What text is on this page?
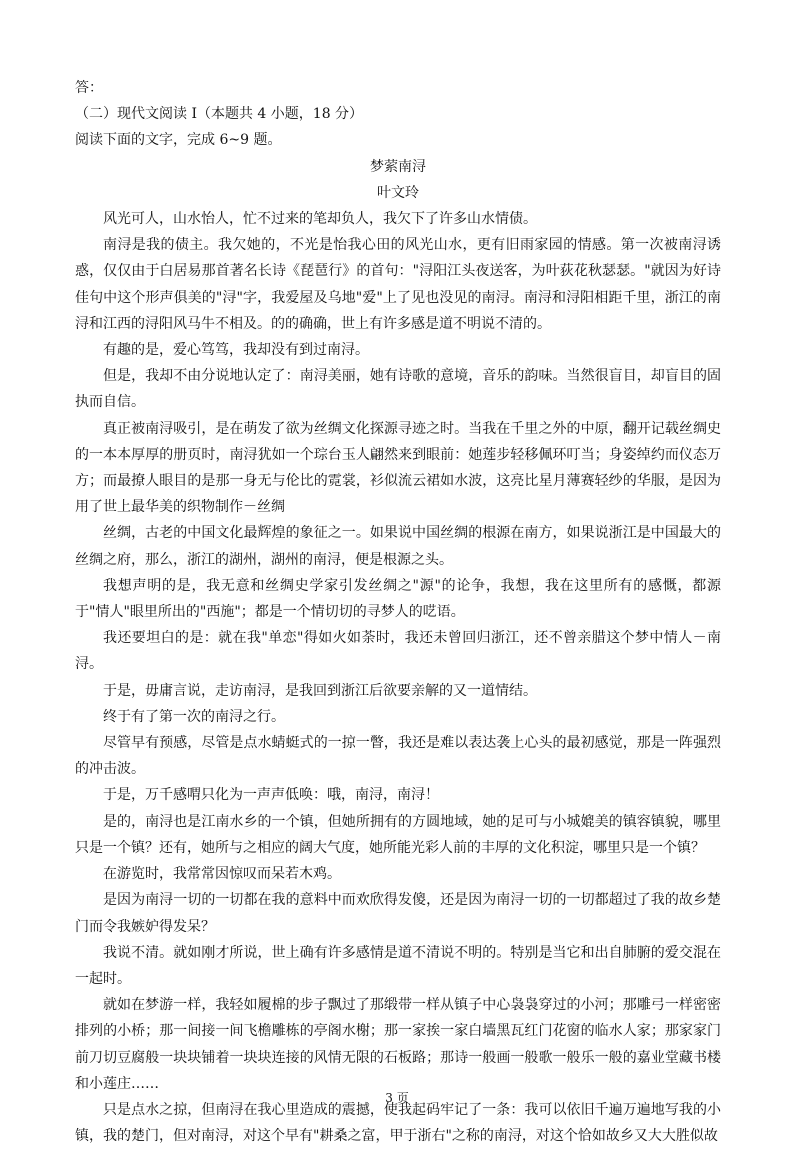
答：

（二）现代文阅读 I（本题共 4 小题，18 分）

阅读下面的文字，完成 6~9 题。

梦萦南浔

叶文玲

风光可人，山水怡人，忙不过来的笔却负人，我欠下了许多山水情债。

南浔是我的债主。我欠她的，不光是怡我心田的风光山水，更有旧雨家园的情感。第一次被南浔诱惑，仅仅由于白居易那首著名长诗《琵琶行》的首句："浔阳江头夜送客，为叶荻花秋瑟瑟。"就因为好诗佳句中这个形声俱美的"浔"字，我爱屋及乌地"爱"上了见也没见的南浔。南浔和浔阳相距千里，浙江的南浔和江西的浔阳风马牛不相及。的的确确，世上有许多感是道不明说不清的。

有趣的是，爱心笃笃，我却没有到过南浔。

但是，我却不由分说地认定了：南浔美丽，她有诗歌的意境，音乐的韵味。当然很盲目，却盲目的固执而自信。

真正被南浔吸引，是在萌发了欲为丝绸文化探源寻迹之时。当我在千里之外的中原，翻开记载丝绸史的一本本厚厚的册页时，南浔犹如一个琮台玉人翩然来到眼前：她莲步轻移佩环叮当；身姿绰约而仪态万方；而最撩人眼目的是那一身无与伦比的霓裳，衫似流云裙如水波，这亮比星月薄赛轻纱的华服，是因为用了世上最华美的织物制作－丝绸

丝绸，古老的中国文化最辉煌的象征之一。如果说中国丝绸的根源在南方，如果说浙江是中国最大的丝绸之府，那么，浙江的湖州，湖州的南浔，便是根源之头。

我想声明的是，我无意和丝绸史学家引发丝绸之"源"的论争，我想，我在这里所有的感慨，都源于"情人"眼里所出的"西施"；都是一个情切切的寻梦人的呓语。

我还要坦白的是：就在我"单恋"得如火如荼时，我还未曾回归浙江，还不曾亲腊这个梦中情人－南浔。

于是，毋庸言说，走访南浔，是我回到浙江后欲要亲解的又一道情结。

终于有了第一次的南浔之行。

尽管早有预感，尽管是点水蜻蜓式的一掠一瞥，我还是难以表达袭上心头的最初感觉，那是一阵强烈的冲击波。

于是，万千感喟只化为一声声低唤：哦，南浔，南浔！

是的，南浔也是江南水乡的一个镇，但她所拥有的方圆地域，她的足可与小城媲美的镇容镇貌，哪里只是一个镇？还有，她所与之相应的阔大气度，她所能光彩人前的丰厚的文化积淀，哪里只是一个镇？

在游览时，我常常因惊叹而呆若木鸡。

是因为南浔一切的一切都在我的意料中而欢欣得发傻，还是因为南浔一切的一切都超过了我的故乡楚门而令我嫉妒得发呆？

我说不清。就如刚才所说，世上确有许多感情是道不清说不明的。特别是当它和出自肺腑的爱交混在一起时。

就如在梦游一样，我轻如履棉的步子飘过了那缎带一样从镇子中心袅袅穿过的小河；那雕弓一样密密排列的小桥；那一间接一间飞檐雕栋的亭阁水榭；那一家挨一家白墙黑瓦红门花窗的临水人家；那家家门前刀切豆腐般一块块铺着一块块连接的风情无限的石板路；那诗一般画一般歌一般乐一般的嘉业堂藏书楼和小莲庄……

只是点水之掠，但南浔在我心里造成的震撼，使我起码牢记了一条：我可以依旧千遍万遍地写我的小镇，我的楚门，但对南浔，对这个早有"耕桑之富，甲于浙右"之称的南浔，对这个恰如故乡又大大胜似故

3 页
